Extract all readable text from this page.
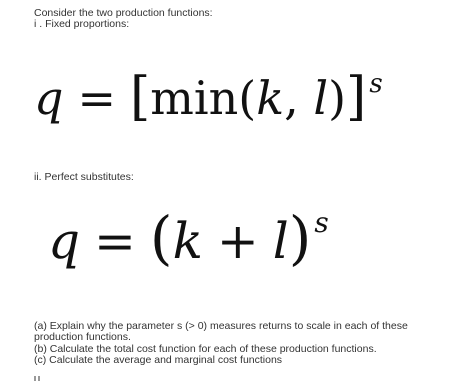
Consider the two production functions:
i . Fixed proportions:
q = [min(k, l)] $^s$
ii. Perfect substitutes:
q = (k + l) $^s$
(a) Explain why the parameter s (> 0) measures returns to scale in each of these
production functions.
(b) Calculate the total cost function for each of these production functions.
(c) Calculate the average and marginal cost functions
